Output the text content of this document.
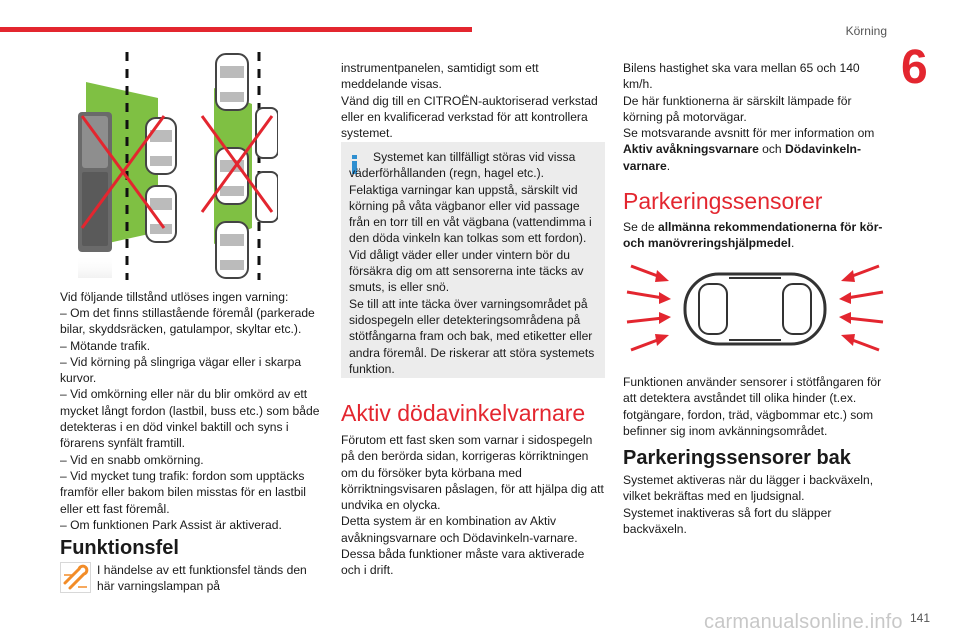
Körning
6
Vid följande tillstånd utlöses ingen varning:
– Om det finns stillastående föremål (parkerade bilar, skyddsräcken, gatulampor, skyltar etc.).
– Mötande trafik.
– Vid körning på slingriga vägar eller i skarpa kurvor.
– Vid omkörning eller när du blir omkörd av ett mycket långt fordon (lastbil, buss etc.) som både detekteras i en död vinkel baktill och syns i förarens synfält framtill.
– Vid en snabb omkörning.
– Vid mycket tung trafik: fordon som upptäcks framför eller bakom bilen misstas för en lastbil eller ett fast föremål.
– Om funktionen Park Assist är aktiverad.
Funktionsfel
I händelse av ett funktionsfel tänds den här varningslampan på
instrumentpanelen, samtidigt som ett meddelande visas.
Vänd dig till en CITROËN-auktoriserad verkstad eller en kvalificerad verkstad för att kontrollera systemet.
Systemet kan tillfälligt störas vid vissa väderförhållanden (regn, hagel etc.).
Felaktiga varningar kan uppstå, särskilt vid körning på våta vägbanor eller vid passage från en torr till en våt vägbana (vattendimma i den döda vinkeln kan tolkas som ett fordon).
Vid dåligt väder eller under vintern bör du försäkra dig om att sensorerna inte täcks av smuts, is eller snö.
Se till att inte täcka över varningsområdet på sidospegeln eller detekteringsområdena på stötfångarna fram och bak, med etiketter eller andra föremål. De riskerar att störa systemets funktion.
Aktiv dödavinkelvarnare
Förutom ett fast sken som varnar i sidospegeln på den berörda sidan, korrigeras körriktningen om du försöker byta körbana med körriktningsvisaren påslagen, för att hjälpa dig att undvika en olycka.
Detta system är en kombination av Aktiv avåkningsvarnare och Dödavinkeln-varnare.
Dessa båda funktioner måste vara aktiverade och i drift.
Bilens hastighet ska vara mellan 65 och 140 km/h.
De här funktionerna är särskilt lämpade för körning på motorvägar.
Se motsvarande avsnitt för mer information om Aktiv avåkningsvarnare och Dödavinkeln-varnare.
Parkeringssensorer
Se de allmänna rekommendationerna för köroch manövreringshjälpmedel.
Funktionen använder sensorer i stötfångaren för att detektera avståndet till olika hinder (t.ex. fotgängare, fordon, träd, vägbommar etc.) som befinner sig inom avkänningsområdet.
Parkeringssensorer bak
Systemet aktiveras när du lägger i backväxeln, vilket bekräftas med en ljudsignal.
Systemet inaktiveras så fort du släpper backväxeln.
carmanualsonline.info 141
